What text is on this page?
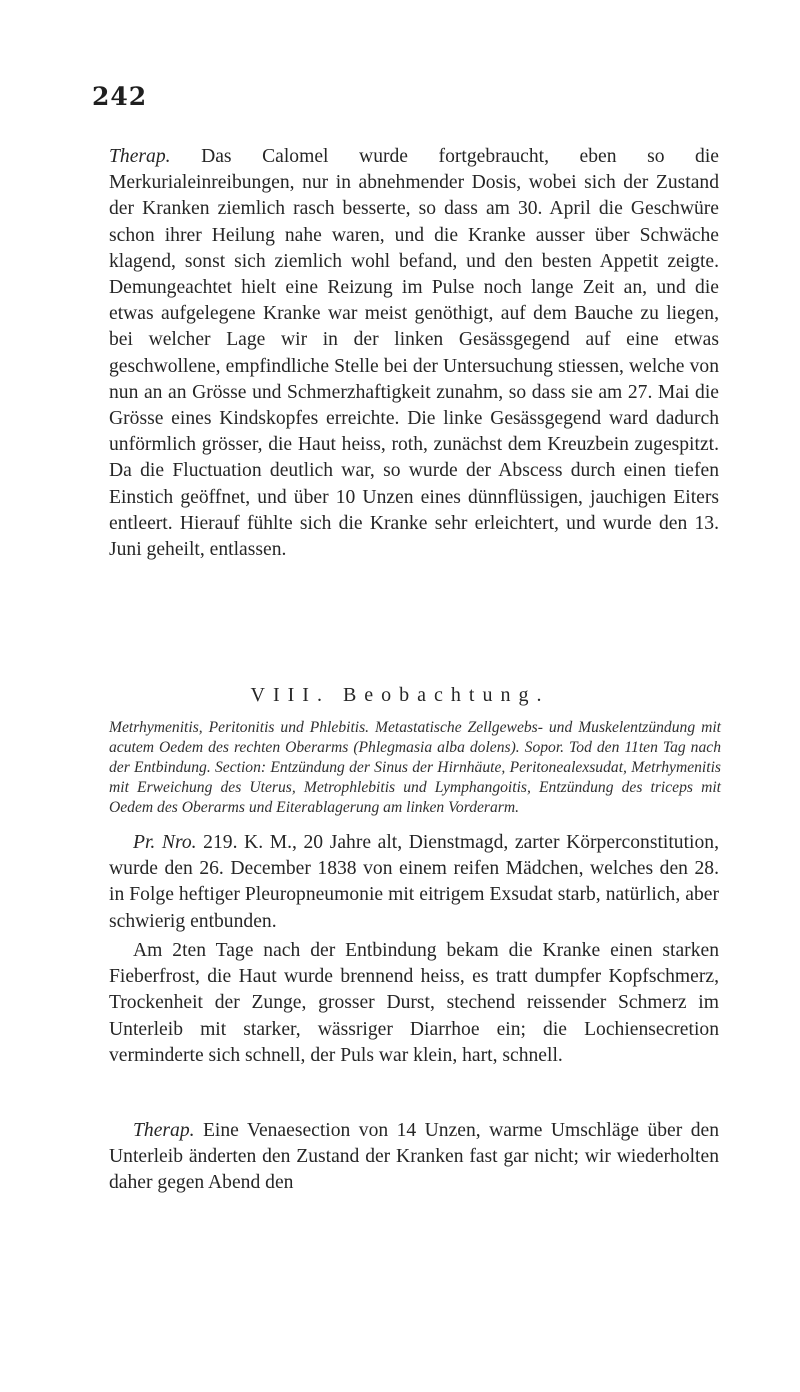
242

Therap. Das Calomel wurde fortgebraucht, eben so die Merkurialeinreibungen, nur in abnehmender Dosis, wobei sich der Zustand der Kranken ziemlich rasch besserte, so dass am 30. April die Geschwüre schon ihrer Heilung nahe waren, und die Kranke ausser über Schwäche klagend, sonst sich ziemlich wohl befand, und den besten Appetit zeigte. Demungeachtet hielt eine Reizung im Pulse noch lange Zeit an, und die etwas aufgelegene Kranke war meist genöthigt, auf dem Bauche zu liegen, bei welcher Lage wir in der linken Gesässgegend auf eine etwas geschwollene, empfindliche Stelle bei der Untersuchung stiessen, welche von nun an an Grösse und Schmerzhaftigkeit zunahm, so dass sie am 27. Mai die Grösse eines Kindskopfes erreichte. Die linke Gesässgegend ward dadurch unförmlich grösser, die Haut heiss, roth, zunächst dem Kreuzbein zugespitzt. Da die Fluctuation deutlich war, so wurde der Abscess durch einen tiefen Einstich geöffnet, und über 10 Unzen eines dünnflüssigen, jauchigen Eiters entleert. Hierauf fühlte sich die Kranke sehr erleichtert, und wurde den 13. Juni geheilt, entlassen.

VIII. Beobachtung.
Metrhymenitis, Peritonitis und Phlebitis. Metastatische Zellgewebs- und Muskelentzündung mit acutem Oedem des rechten Oberarms (Phlegmasia alba dolens). Sopor. Tod den 11ten Tag nach der Entbindung. Section: Entzündung der Sinus der Hirnhäute, Peritonealexsudat, Metrhymenitis mit Erweichung des Uterus, Metrophlebitis und Lymphangoitis, Entzündung des triceps mit Oedem des Oberarms und Eiterablagerung am linken Vorderarm.

Pr. Nro. 219. K. M., 20 Jahre alt, Dienstmagd, zarter Körperconstitution, wurde den 26. December 1838 von einem reifen Mädchen, welches den 28. in Folge heftiger Pleuropneumonie mit eitrigem Exsudat starb, natürlich, aber schwierig entbunden.

Am 2ten Tage nach der Entbindung bekam die Kranke einen starken Fieberfrost, die Haut wurde brennend heiss, es tratt dumpfer Kopfschmerz, Trockenheit der Zunge, grosser Durst, stechend reissender Schmerz im Unterleib mit starker, wässriger Diarrhoe ein; die Lochiensecretion verminderte sich schnell, der Puls war klein, hart, schnell.

Therap. Eine Venaesection von 14 Unzen, warme Umschläge über den Unterleib änderten den Zustand der Kranken fast gar nicht; wir wiederholten daher gegen Abend den
